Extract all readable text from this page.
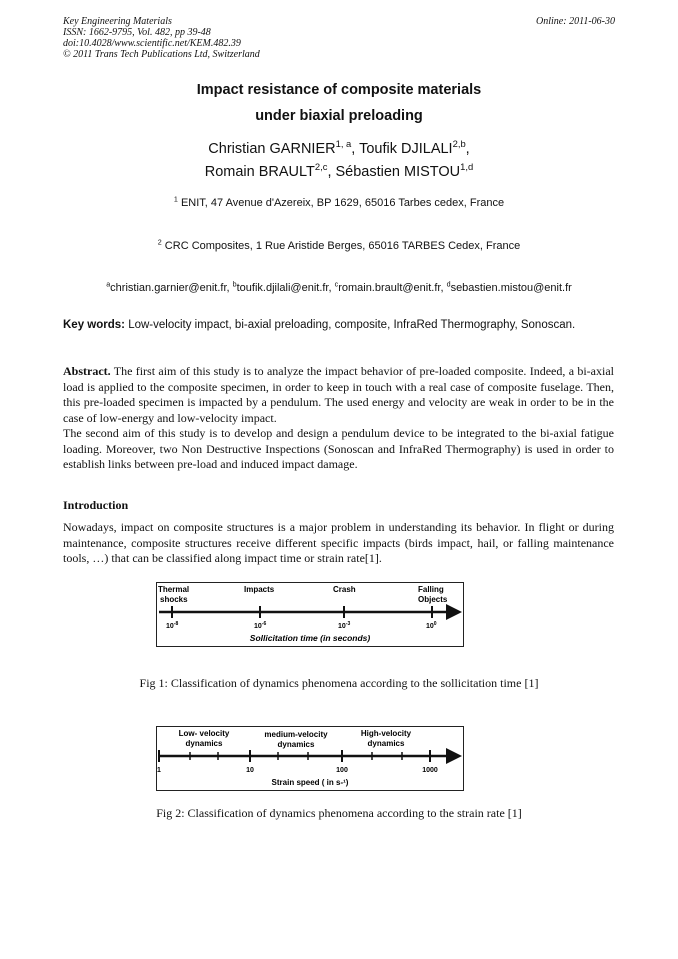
Key Engineering Materials
ISSN: 1662-9795, Vol. 482, pp 39-48
doi:10.4028/www.scientific.net/KEM.482.39
© 2011 Trans Tech Publications Ltd, Switzerland
Online: 2011-06-30
Impact resistance of composite materials
under biaxial preloading
Christian GARNIER$^{1, a}$, Toufik DJILALI$^{2,b}$,
Romain BRAULT$^{2,c}$, Sébastien MISTOU$^{1,d}$
$^1$ ENIT, 47 Avenue d'Azereix, BP 1629, 65016 Tarbes cedex, France
$^2$ CRC Composites, 1 Rue Aristide Berges, 65016 TARBES Cedex, France
$^a$christian.garnier@enit.fr, $^b$toufik.djilali@enit.fr, $^c$romain.brault@enit.fr, $^d$sebastien.mistou@enit.fr
Key words: Low-velocity impact, bi-axial preloading, composite, InfraRed Thermography, Sonoscan.
Abstract. The first aim of this study is to analyze the impact behavior of pre-loaded composite. Indeed, a bi-axial load is applied to the composite specimen, in order to keep in touch with a real case of composite fuselage. Then, this pre-loaded specimen is impacted by a pendulum. The used energy and velocity are weak in order to be in the case of low-energy and low-velocity impact.
The second aim of this study is to develop and design a pendulum device to be integrated to the bi-axial fatigue loading. Moreover, two Non Destructive Inspections (Sonoscan and InfraRed Thermography) is used in order to establish links between pre-load and induced impact damage.
Introduction
Nowadays, impact on composite structures is a major problem in understanding its behavior. In flight or during maintenance, composite structures receive different specific impacts (birds impact, hail, or falling maintenance tools, …) that can be classified along impact time or strain rate[1].
Thermal
shocks
Impacts	Crash	Falling
Objects
$10^{-8}$	$10^{-6}$	$10^{-3}$	$10^0$
Sollicitation time (in seconds)
Fig 1: Classification of dynamics phenomena according to the sollicitation time [1]
Low- velocity
dynamics
medium-velocity
dynamics
High-velocity
dynamics
1	10	100	1000
Strain speed ( in s-¹)
Fig 2: Classification of dynamics phenomena according to the strain rate [1]
